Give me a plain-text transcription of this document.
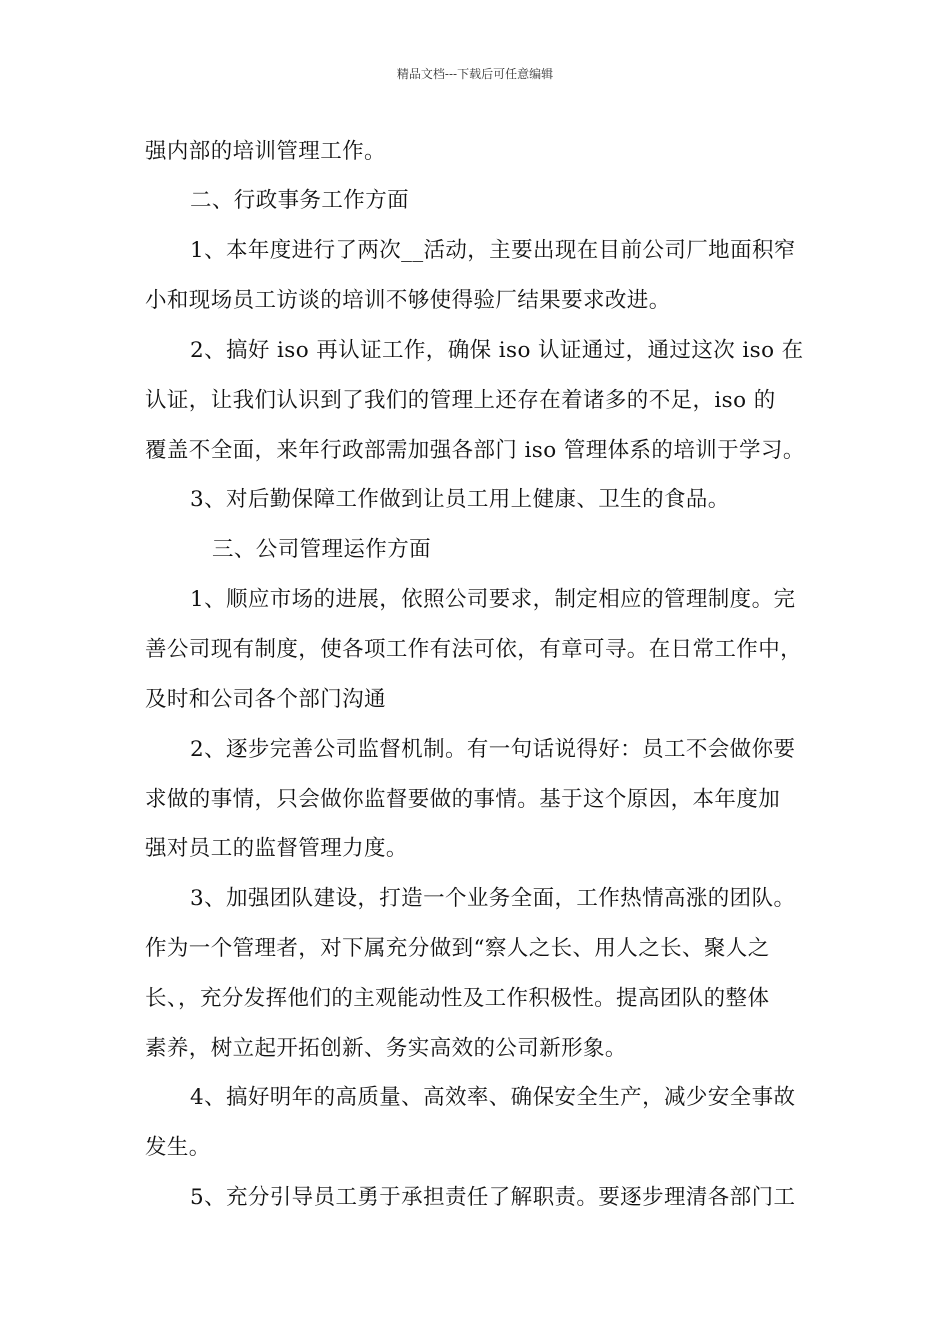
精品文档---下载后可任意编辑
强内部的培训管理工作。
二、行政事务工作方面
1、本年度进行了两次__活动，主要出现在目前公司厂地面积窄
小和现场员工访谈的培训不够使得验厂结果要求改进。
2、搞好 iso 再认证工作，确保 iso 认证通过，通过这次 iso 在
认证，让我们认识到了我们的管理上还存在着诸多的不足，iso 的
覆盖不全面，来年行政部需加强各部门 iso 管理体系的培训于学习。
3、对后勤保障工作做到让员工用上健康、卫生的食品。
三、公司管理运作方面
1、顺应市场的进展，依照公司要求，制定相应的管理制度。完
善公司现有制度，使各项工作有法可依，有章可寻。在日常工作中，
及时和公司各个部门沟通
2、逐步完善公司监督机制。有一句话说得好：员工不会做你要
求做的事情，只会做你监督要做的事情。基于这个原因，本年度加
强对员工的监督管理力度。
3、加强团队建设，打造一个业务全面，工作热情高涨的团队。
作为一个管理者，对下属充分做到“察人之长、用人之长、聚人之
长、，充分发挥他们的主观能动性及工作积极性。提高团队的整体
素养，树立起开拓创新、务实高效的公司新形象。
4、搞好明年的高质量、高效率、确保安全生产，减少安全事故
发生。
5、充分引导员工勇于承担责任了解职责。要逐步理清各部门工
